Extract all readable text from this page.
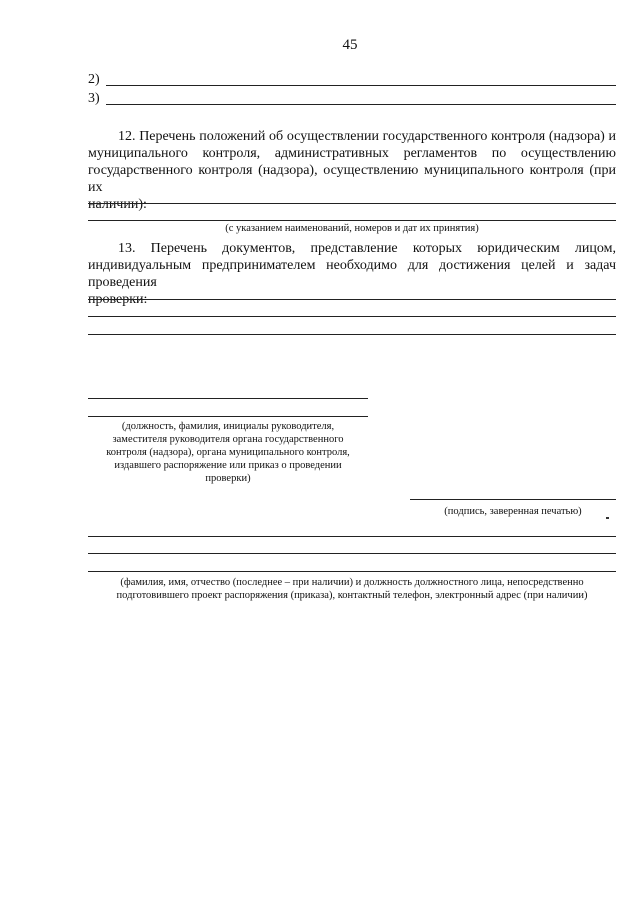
45
2)
3)
12. Перечень положений об осуществлении государственного контроля (надзора) и
муниципального контроля, административных регламентов по осуществлению
государственного контроля (надзора), осуществлению муниципального контроля (при их
наличии):
(с указанием наименований, номеров и дат их принятия)
13. Перечень документов, представление которых юридическим лицом,
индивидуальным предпринимателем необходимо для достижения целей и задач проведения
проверки:
(должность, фамилия, инициалы руководителя,
заместителя руководителя органа государственного
контроля (надзора), органа муниципального контроля,
издавшего распоряжение или приказ о проведении
проверки)
(подпись, заверенная печатью)
(фамилия, имя, отчество (последнее – при наличии) и должность должностного лица, непосредственно
подготовившего проект распоряжения (приказа), контактный телефон, электронный адрес (при наличии)
